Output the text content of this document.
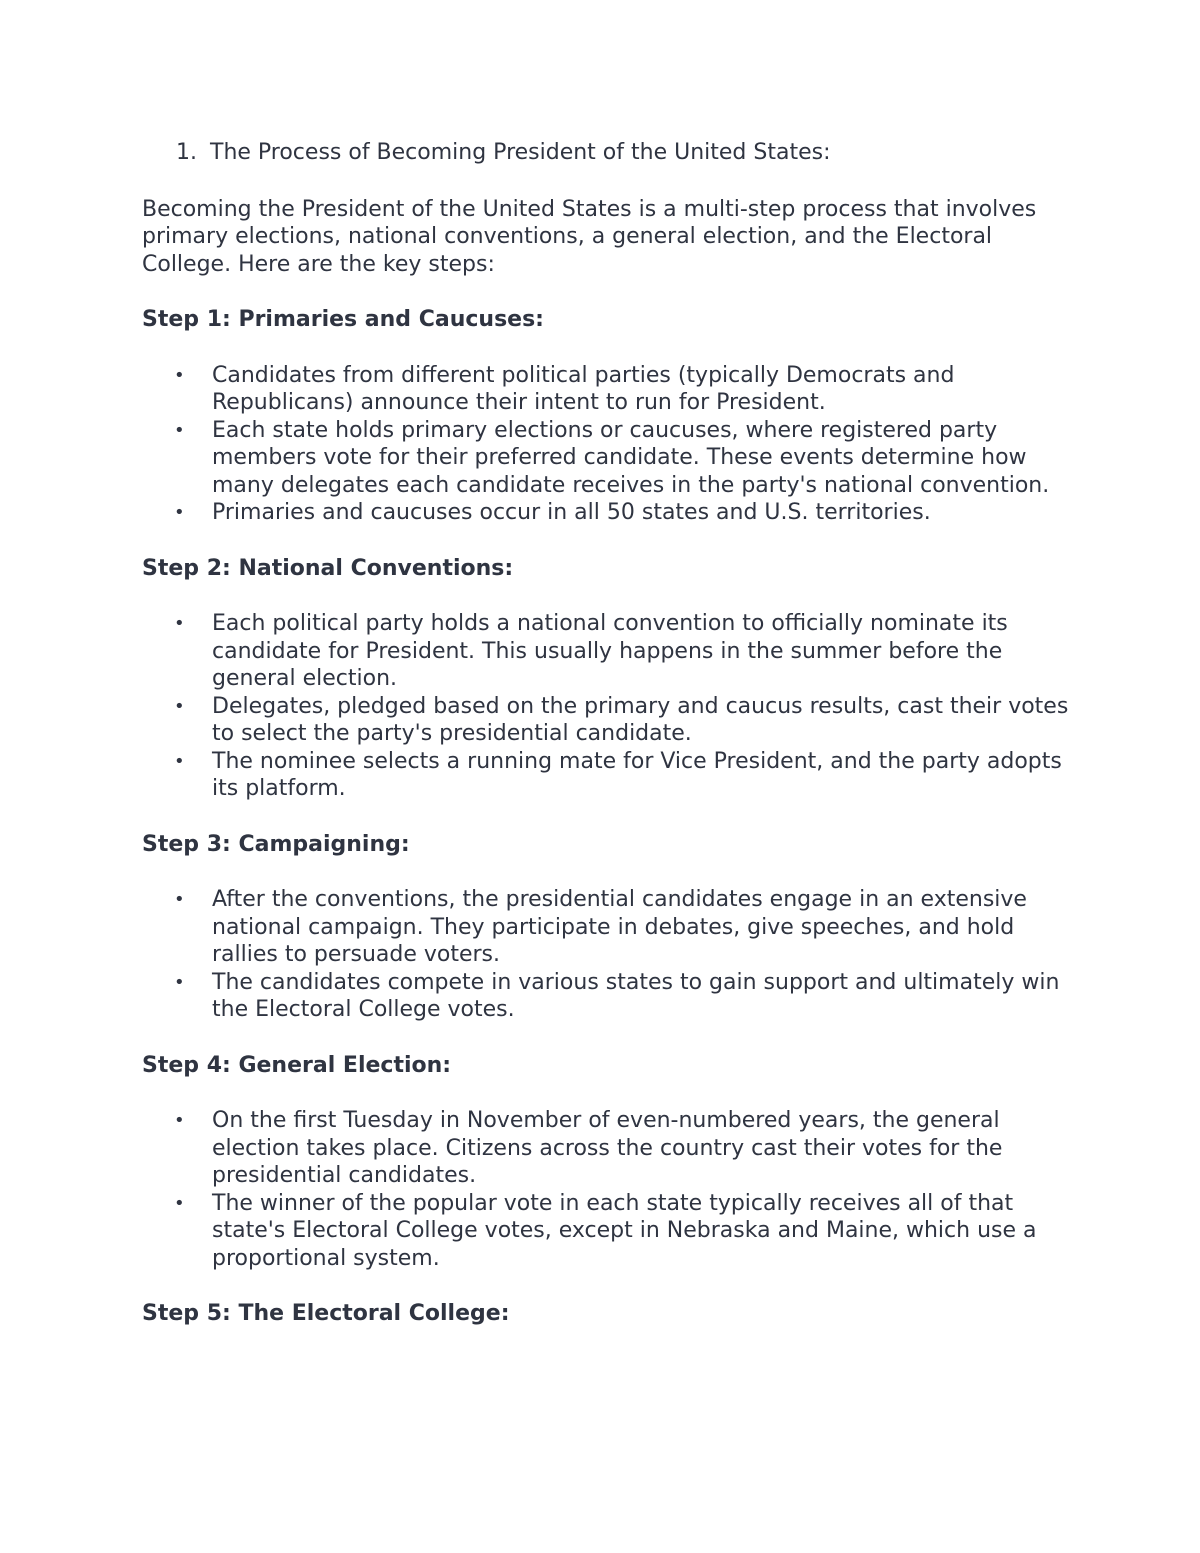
1. The Process of Becoming President of the United States:

Becoming the President of the United States is a multi-step process that involves primary elections, national conventions, a general election, and the Electoral College. Here are the key steps:

Step 1: Primaries and Caucuses:
•	Candidates from different political parties (typically Democrats and Republicans) announce their intent to run for President.
•	Each state holds primary elections or caucuses, where registered party members vote for their preferred candidate. These events determine how many delegates each candidate receives in the party's national convention.
•	Primaries and caucuses occur in all 50 states and U.S. territories.
Step 2: National Conventions:
•	Each political party holds a national convention to officially nominate its candidate for President. This usually happens in the summer before the general election.
•	Delegates, pledged based on the primary and caucus results, cast their votes to select the party's presidential candidate.
•	The nominee selects a running mate for Vice President, and the party adopts its platform.
Step 3: Campaigning:
•	After the conventions, the presidential candidates engage in an extensive national campaign. They participate in debates, give speeches, and hold rallies to persuade voters.
•	The candidates compete in various states to gain support and ultimately win the Electoral College votes.
Step 4: General Election:
•	On the first Tuesday in November of even-numbered years, the general election takes place. Citizens across the country cast their votes for the presidential candidates.
•	The winner of the popular vote in each state typically receives all of that state's Electoral College votes, except in Nebraska and Maine, which use a proportional system.
Step 5: The Electoral College:
